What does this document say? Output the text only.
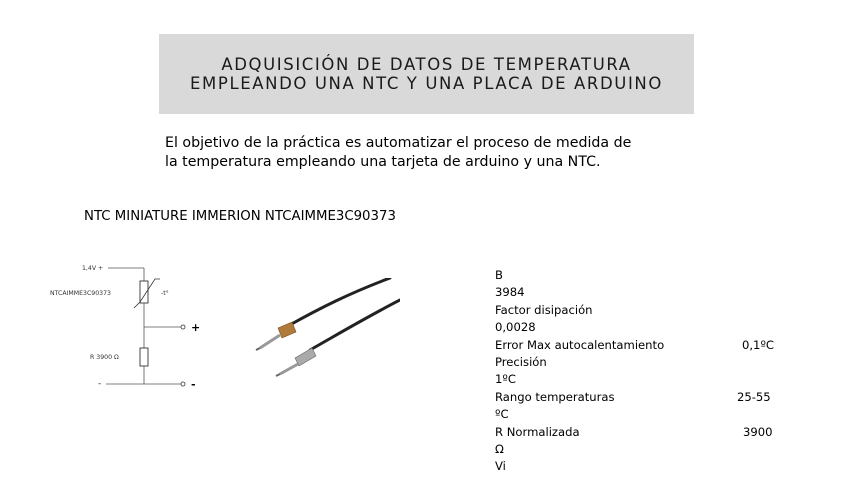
ADQUISICIÓN DE DATOS DE TEMPERATURA
EMPLEANDO UNA NTC Y UNA PLACA DE ARDUINO
El objetivo de la práctica es automatizar el proceso de medida de
la temperatura empleando una tarjeta de arduino y una NTC.
NTC MINIATURE IMMERION NTCAIMME3C90373
1,4V +
NTCAIMME3C90373	-t°
+
R 3900 Ω
-	-
B
3984
Factor disipación
0,0028
Error Max autocalentamiento	0,1ºC
Precisión
1ºC
Rango temperaturas	25-55
ºC
R Normalizada	3900
Ω
Vi
